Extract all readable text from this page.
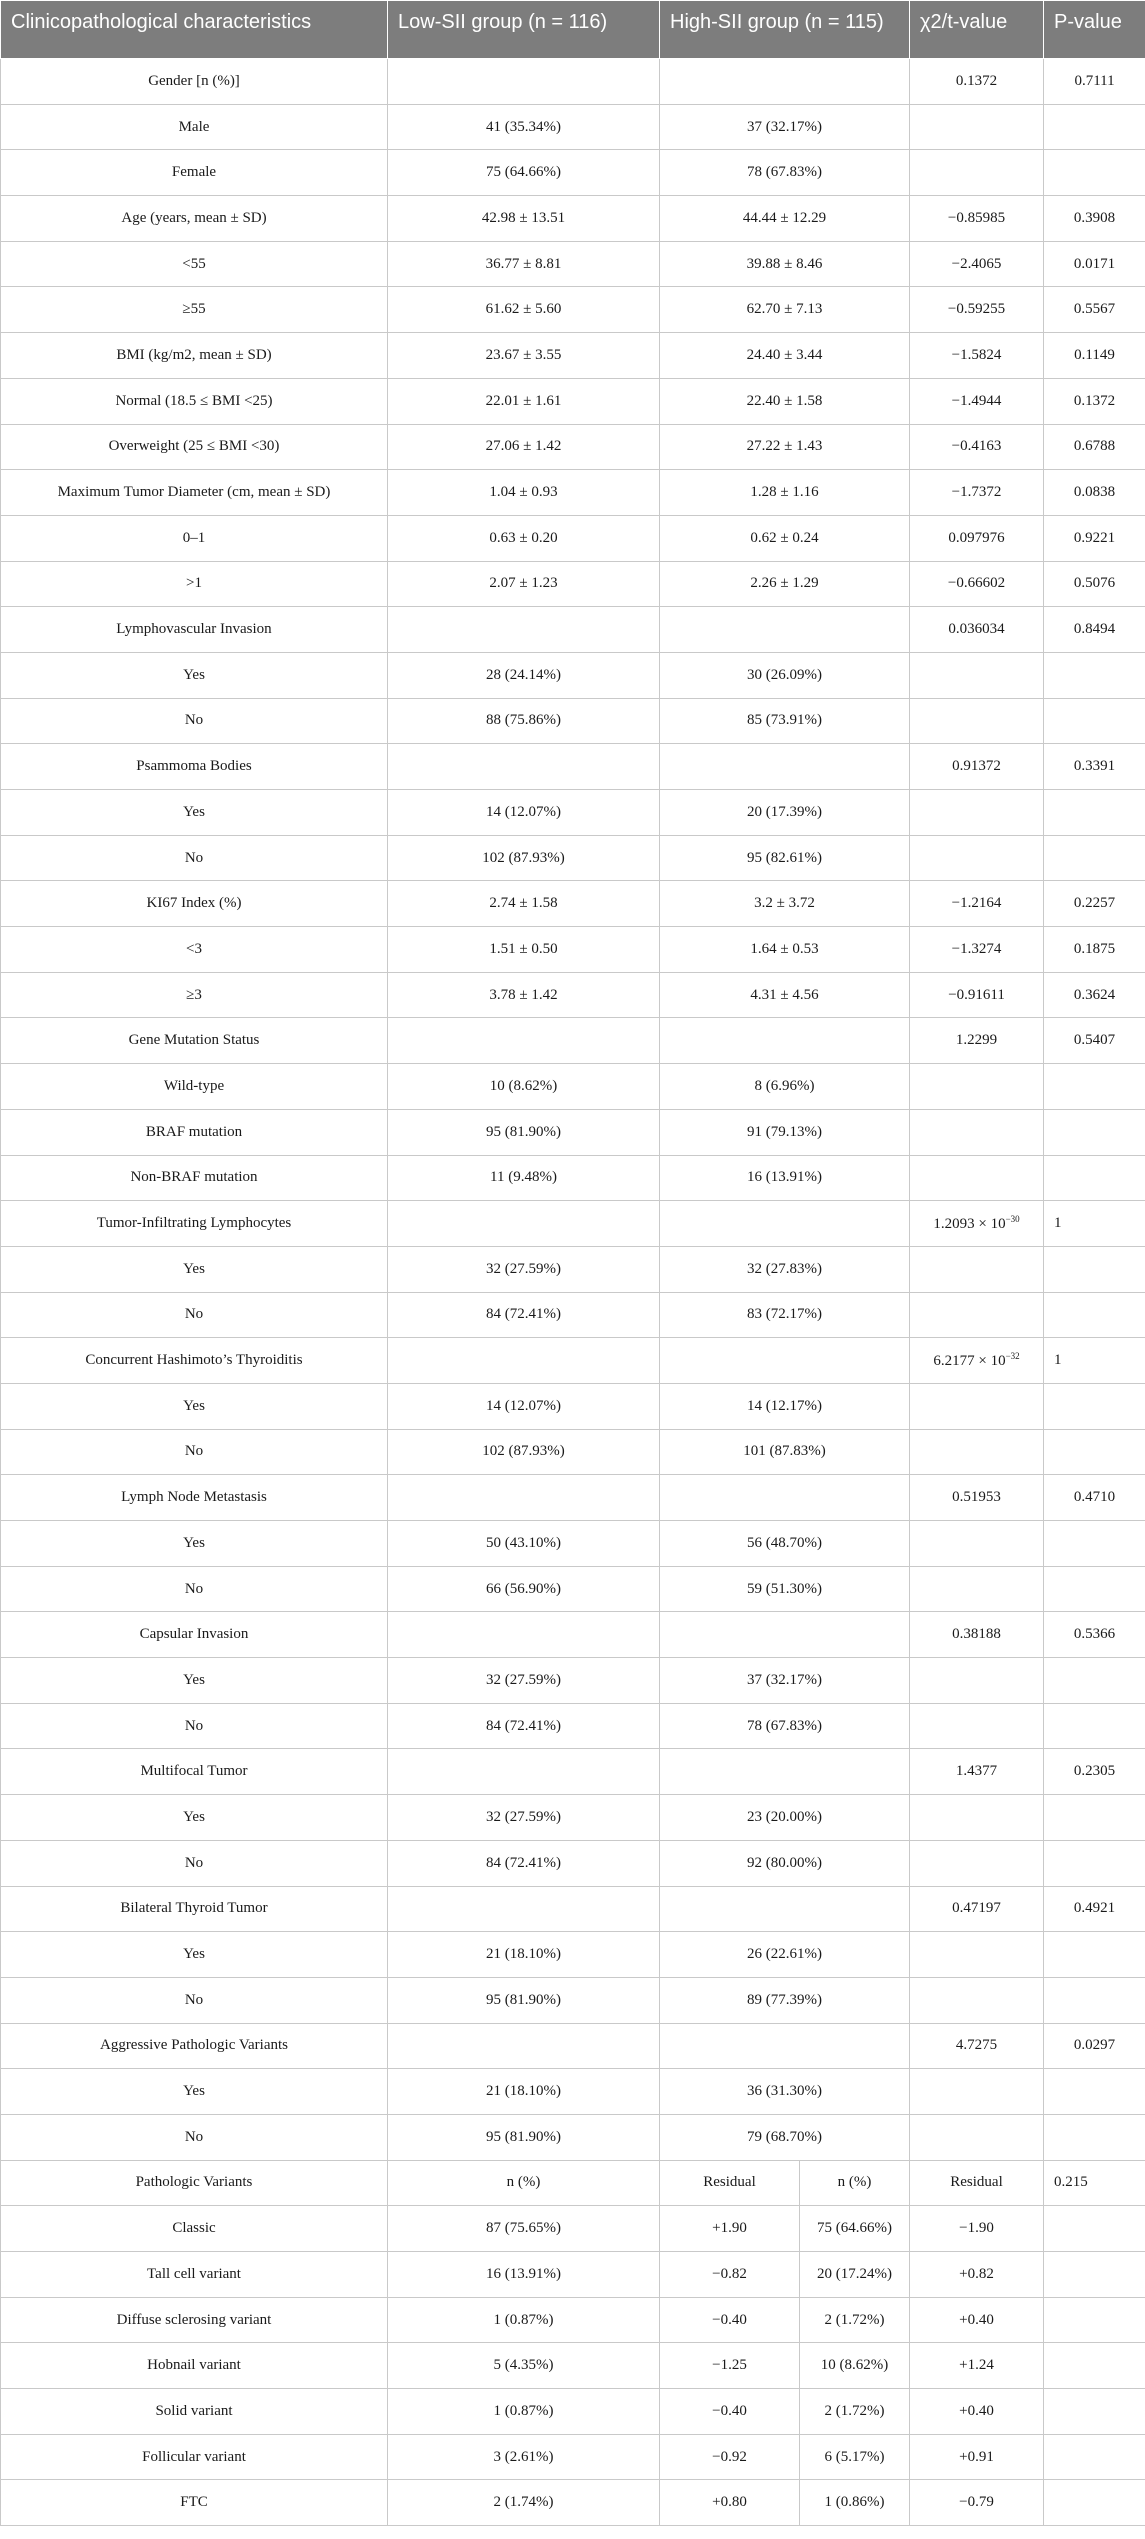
Clinicopathological characteristics	Low-SII group (n = 116)	High-SII group (n = 115)		χ2/t-value	P-value
Gender [n (%)]				0.1372	0.7111
Male	41 (35.34%)	37 (32.17%)			
Female	75 (64.66%)	78 (67.83%)			
Age (years, mean ± SD)	42.98 ± 13.51	44.44 ± 12.29		−0.85985	0.3908
<55	36.77 ± 8.81	39.88 ± 8.46		−2.4065	0.0171
≥55	61.62 ± 5.60	62.70 ± 7.13		−0.59255	0.5567
BMI (kg/m2, mean ± SD)	23.67 ± 3.55	24.40 ± 3.44		−1.5824	0.1149
Normal (18.5 ≤ BMI <25)	22.01 ± 1.61	22.40 ± 1.58		−1.4944	0.1372
Overweight (25 ≤ BMI <30)	27.06 ± 1.42	27.22 ± 1.43		−0.4163	0.6788
Maximum Tumor Diameter (cm, mean ± SD)	1.04 ± 0.93	1.28 ± 1.16		−1.7372	0.0838
0–1	0.63 ± 0.20	0.62 ± 0.24		0.097976	0.9221
>1	2.07 ± 1.23	2.26 ± 1.29		−0.66602	0.5076
Lymphovascular Invasion				0.036034	0.8494
Yes	28 (24.14%)	30 (26.09%)			
No	88 (75.86%)	85 (73.91%)			
Psammoma Bodies				0.91372	0.3391
Yes	14 (12.07%)	20 (17.39%)			
No	102 (87.93%)	95 (82.61%)			
KI67 Index (%)	2.74 ± 1.58	3.2 ± 3.72		−1.2164	0.2257
<3	1.51 ± 0.50	1.64 ± 0.53		−1.3274	0.1875
≥3	3.78 ± 1.42	4.31 ± 4.56		−0.91611	0.3624
Gene Mutation Status				1.2299	0.5407
Wild-type	10 (8.62%)	8 (6.96%)			
BRAF mutation	95 (81.90%)	91 (79.13%)			
Non-BRAF mutation	11 (9.48%)	16 (13.91%)			
Tumor-Infiltrating Lymphocytes				$1.2093 \times 10^{-30}$	1
Yes	32 (27.59%)	32 (27.83%)			
No	84 (72.41%)	83 (72.17%)			
Concurrent Hashimoto’s Thyroiditis				$6.2177 \times 10^{-32}$	1
Yes	14 (12.07%)	14 (12.17%)			
No	102 (87.93%)	101 (87.83%)			
Lymph Node Metastasis				0.51953	0.4710
Yes	50 (43.10%)	56 (48.70%)			
No	66 (56.90%)	59 (51.30%)			
Capsular Invasion				0.38188	0.5366
Yes	32 (27.59%)	37 (32.17%)			
No	84 (72.41%)	78 (67.83%)			
Multifocal Tumor				1.4377	0.2305
Yes	32 (27.59%)	23 (20.00%)			
No	84 (72.41%)	92 (80.00%)			
Bilateral Thyroid Tumor				0.47197	0.4921
Yes	21 (18.10%)	26 (22.61%)			
No	95 (81.90%)	89 (77.39%)			
Aggressive Pathologic Variants				4.7275	0.0297
Yes	21 (18.10%)	36 (31.30%)			
No	95 (81.90%)	79 (68.70%)			
Pathologic Variants	n (%)	Residual	n (%)	Residual	0.215
Classic	87 (75.65%)	+1.90	75 (64.66%)	−1.90	
Tall cell variant	16 (13.91%)	−0.82	20 (17.24%)	+0.82	
Diffuse sclerosing variant	1 (0.87%)	−0.40	2 (1.72%)	+0.40	
Hobnail variant	5 (4.35%)	−1.25	10 (8.62%)	+1.24	
Solid variant	1 (0.87%)	−0.40	2 (1.72%)	+0.40	
Follicular variant	3 (2.61%)	−0.92	6 (5.17%)	+0.91	
FTC	2 (1.74%)	+0.80	1 (0.86%)	−0.79	
